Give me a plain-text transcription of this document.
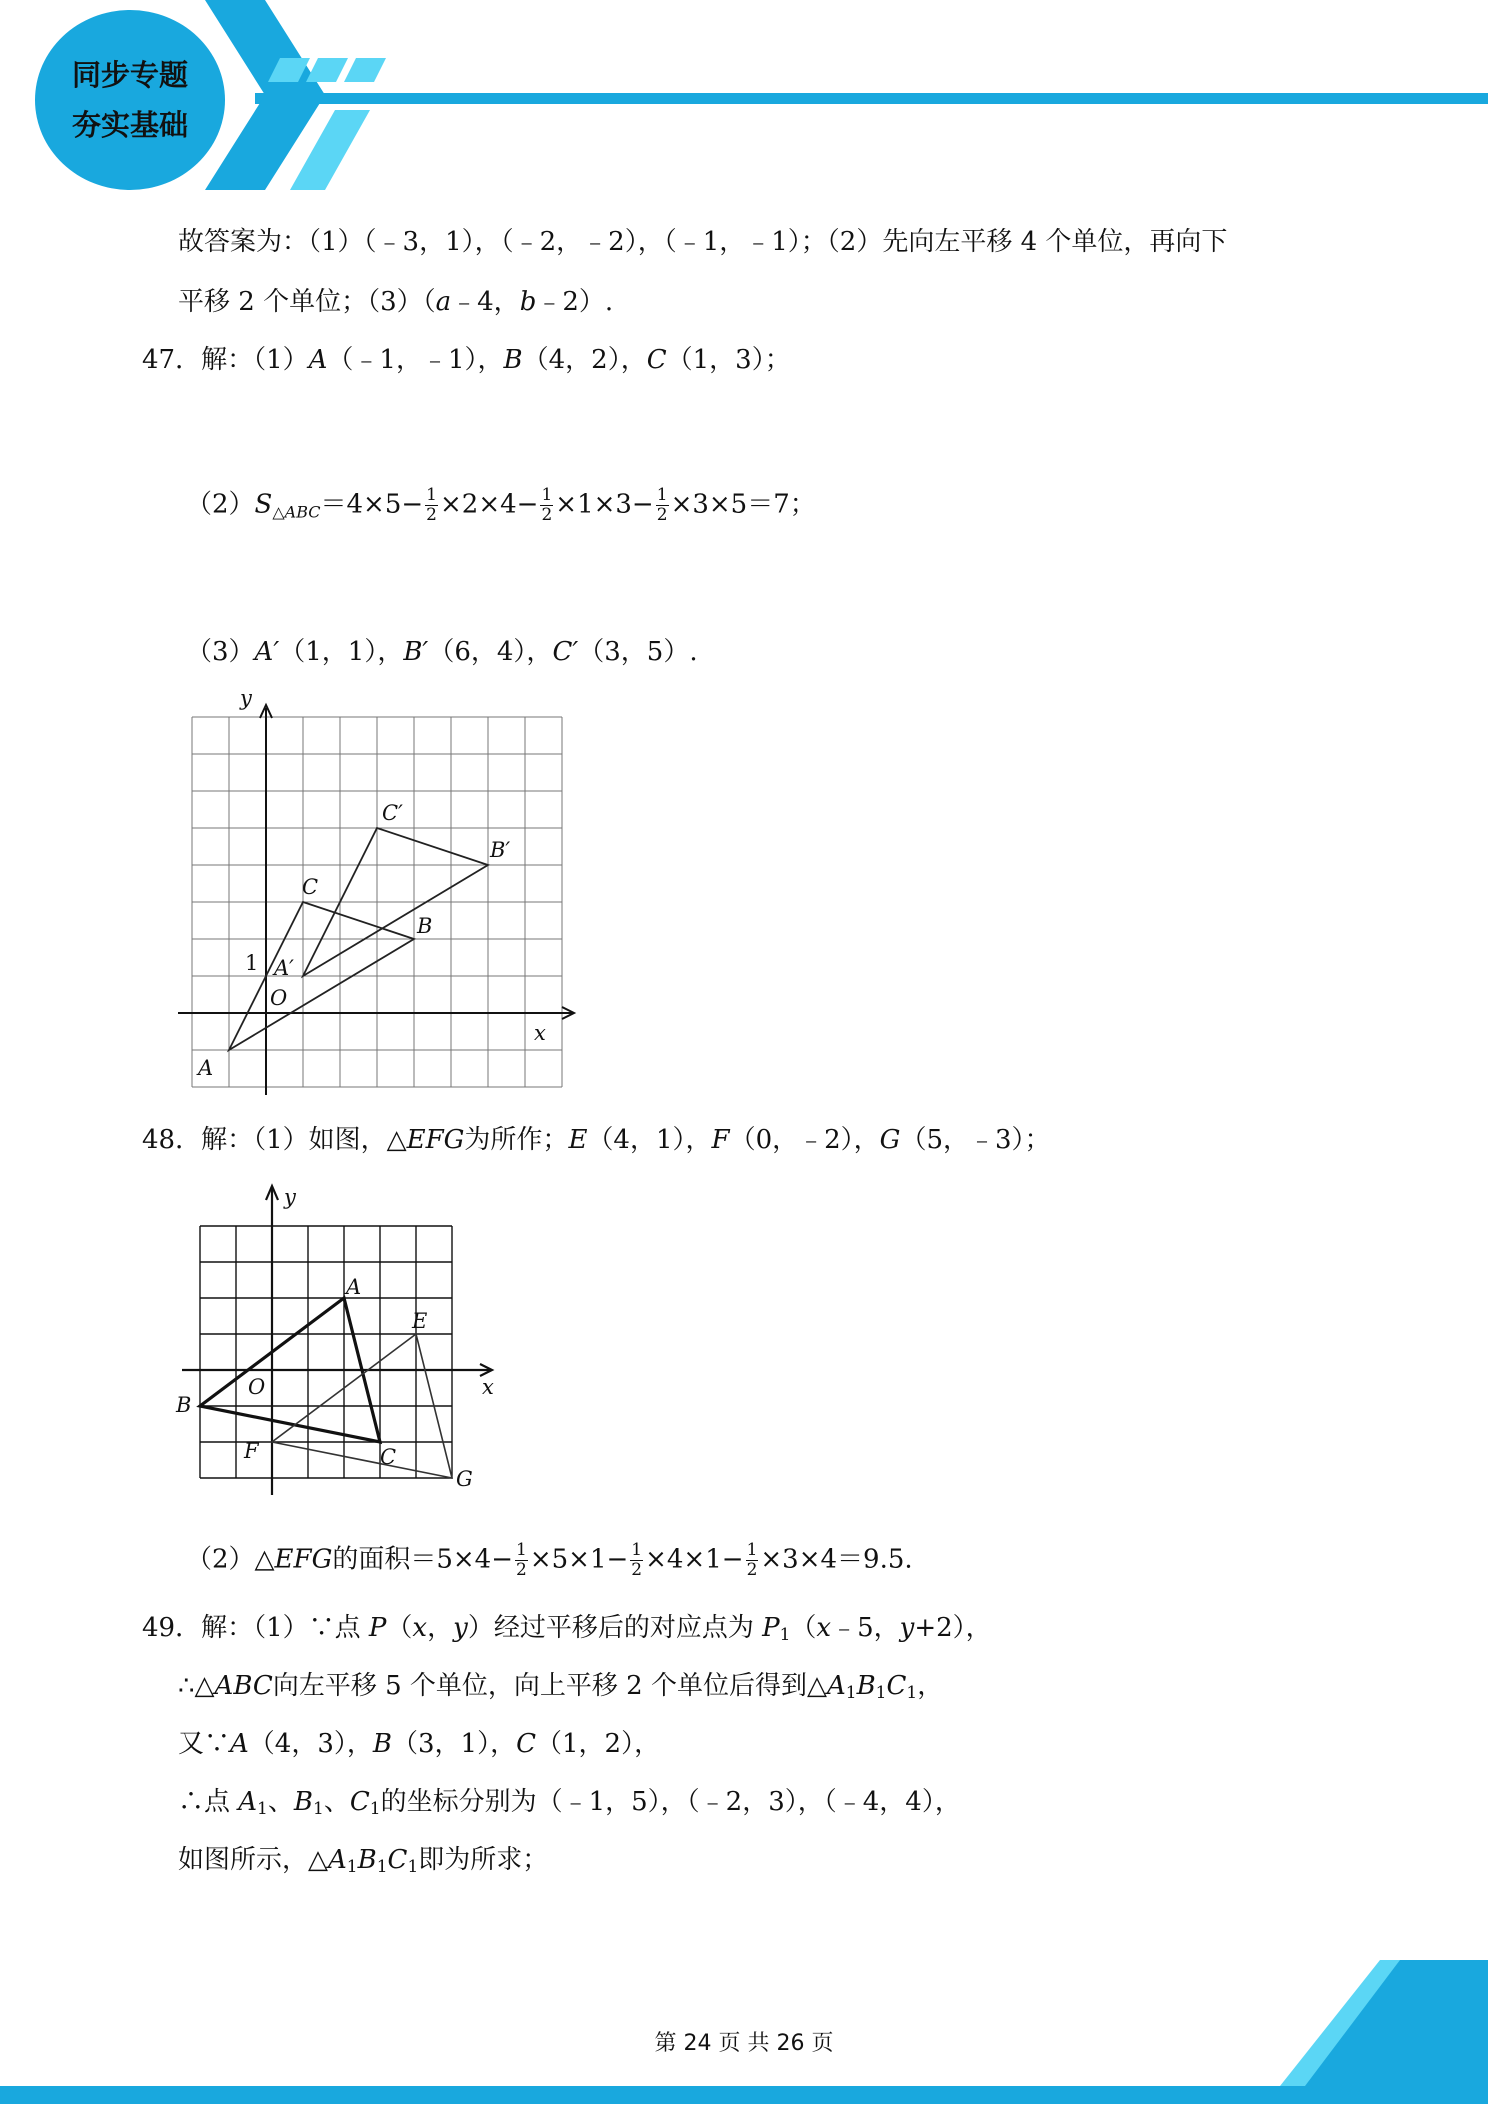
同步专题
夯实基础
故答案为：（1）（﹣3，1），（﹣2，﹣2），（﹣1，﹣1）；（2）先向左平移 4 个单位，再向下
平移 2 个单位；（3）（a﹣4，b﹣2）.
47．解：（1）A（﹣1，﹣1），B（4，2），C（1，3）；
$(2)S_{\triangle ABC}=4\times 5- \frac{1}{2} \times 2\times 4- \frac{1}{2} \times 1\times 3- \frac{1}{2} \times 3\times 5=7$；
（3）A′（1，1），B′（6，4），C′（3，5）.
y
x
O
A
B
C
A′
B′
C′
1
48．解：（1）如图，△EFG为所作；E（4，1），F（0，﹣2），G（5，﹣3）；
y
x
O
A
B
C
E
F
G
（2）△EFG的面积$=5\times 4- \frac{1}{2} \times 5\times 1- \frac{1}{2} \times 4\times 1- \frac{1}{2} \times 3\times 4=9.5$.
49．解：（1）∵点 P（x，y）经过平移后的对应点为 P1（x﹣5，y+2），
∴△ABC向左平移 5 个单位，向上平移 2 个单位后得到△A1B1C1，
又∵A（4，3），B（3，1），C（1，2），
∴点 A1、B1、C1的坐标分别为（﹣1，5），（﹣2，3），（﹣4，4），
如图所示，△A1B1C1即为所求；
第 24 页 共 26 页
